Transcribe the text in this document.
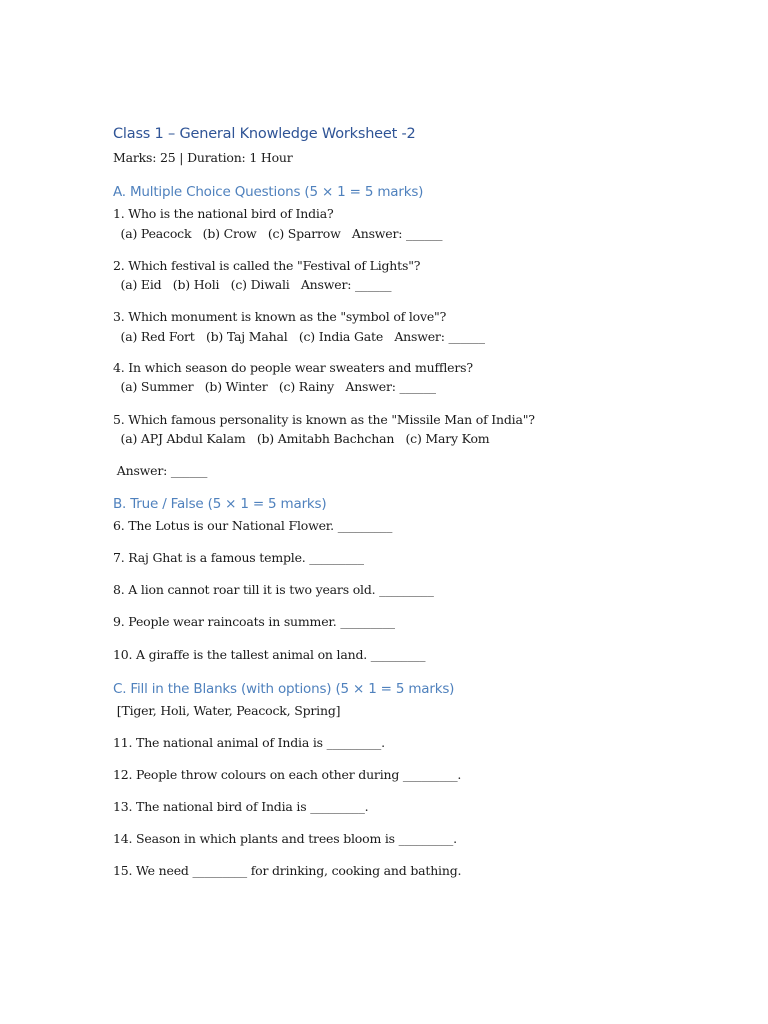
Class 1 – General Knowledge Worksheet -2

Marks: 25 | Duration: 1 Hour

A. Multiple Choice Questions (5 × 1 = 5 marks)

1. Who is the national bird of India?

(a) Peacock   (b) Crow   (c) Sparrow   Answer: ______

2. Which festival is called the "Festival of Lights"?

(a) Eid   (b) Holi   (c) Diwali   Answer: ______

3. Which monument is known as the "symbol of love"?

(a) Red Fort   (b) Taj Mahal   (c) India Gate   Answer: ______

4. In which season do people wear sweaters and mufflers?

(a) Summer   (b) Winter   (c) Rainy   Answer: ______

5. Which famous personality is known as the "Missile Man of India"?

(a) APJ Abdul Kalam   (b) Amitabh Bachchan   (c) Mary Kom

Answer: ______

B. True / False (5 × 1 = 5 marks)

6. The Lotus is our National Flower. _________

7. Raj Ghat is a famous temple. _________

8. A lion cannot roar till it is two years old. _________

9. People wear raincoats in summer. _________

10. A giraffe is the tallest animal on land. _________

C. Fill in the Blanks (with options) (5 × 1 = 5 marks)

[Tiger, Holi, Water, Peacock, Spring]

11. The national animal of India is _________.

12. People throw colours on each other during _________.

13. The national bird of India is _________.

14. Season in which plants and trees bloom is _________.

15. We need _________ for drinking, cooking and bathing.
